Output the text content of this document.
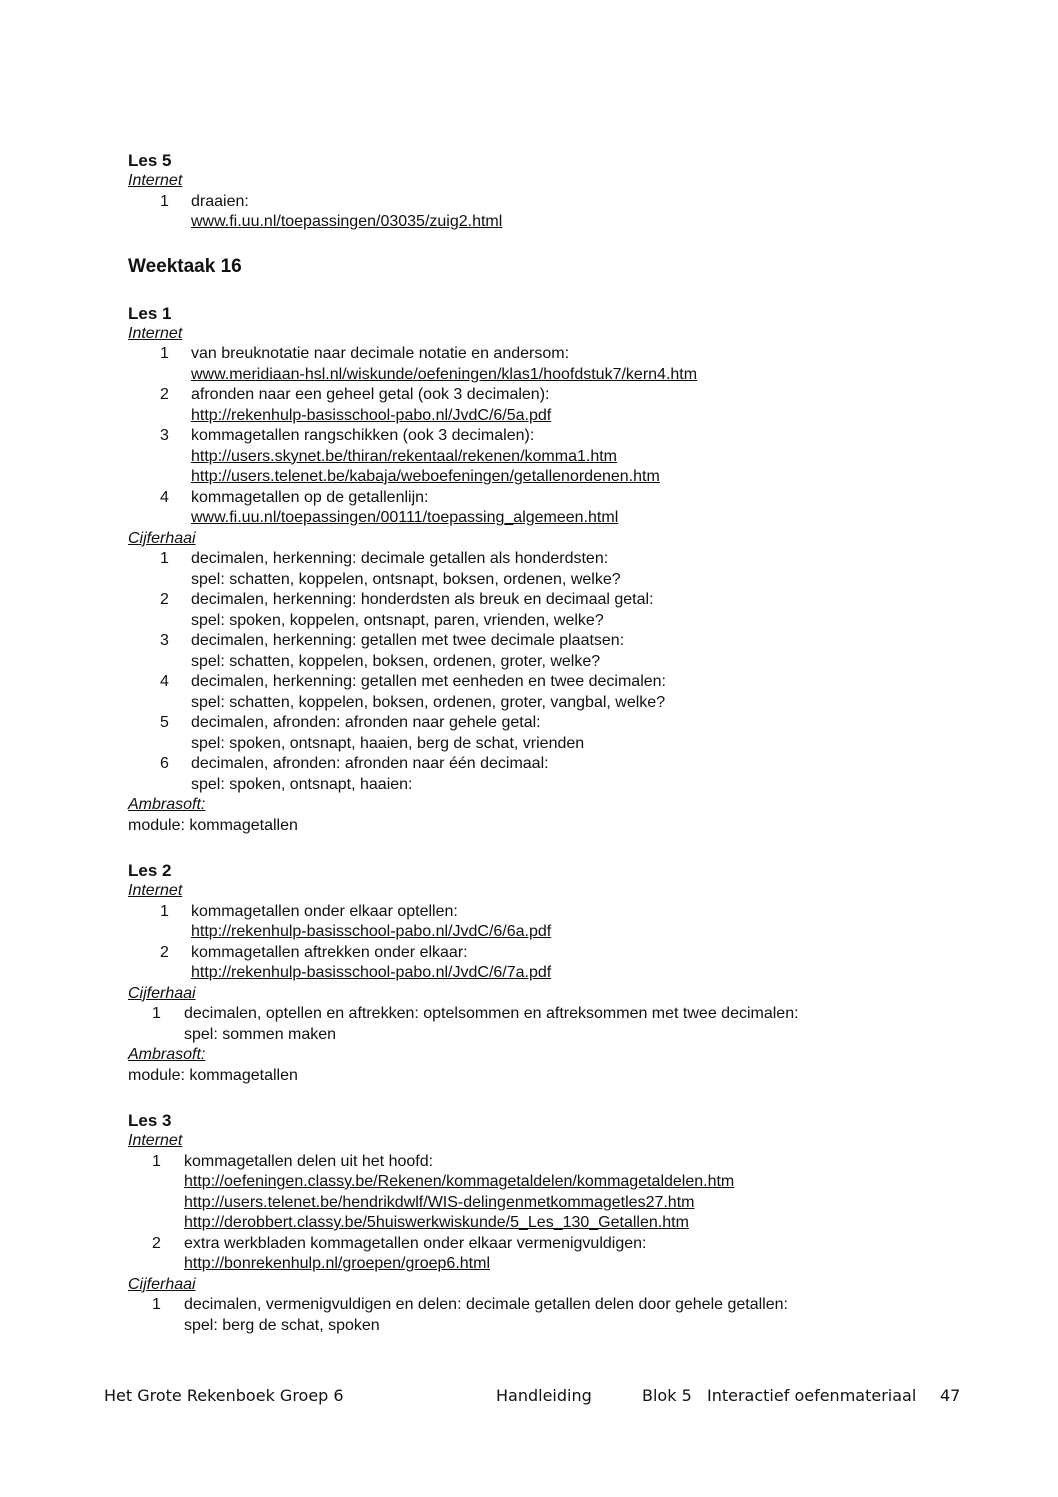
Les 5
Internet
1	draaien:
www.fi.uu.nl/toepassingen/03035/zuig2.html
Weektaak 16
Les 1
Internet
1	van breuknotatie naar decimale notatie en andersom:
www.meridiaan-hsl.nl/wiskunde/oefeningen/klas1/hoofdstuk7/kern4.htm
2	afronden naar een geheel getal (ook 3 decimalen):
http://rekenhulp-basisschool-pabo.nl/JvdC/6/5a.pdf
3	kommagetallen rangschikken (ook 3 decimalen):
http://users.skynet.be/thiran/rekentaal/rekenen/komma1.htm
http://users.telenet.be/kabaja/weboefeningen/getallenordenen.htm
4	kommagetallen op de getallenlijn:
www.fi.uu.nl/toepassingen/00111/toepassing_algemeen.html
Cijferhaai
1	decimalen, herkenning: decimale getallen als honderdsten:
spel: schatten, koppelen, ontsnapt, boksen, ordenen, welke?
2	decimalen, herkenning: honderdsten als breuk en decimaal getal:
spel: spoken, koppelen, ontsnapt, paren, vrienden, welke?
3	decimalen, herkenning: getallen met twee decimale plaatsen:
spel: schatten, koppelen, boksen, ordenen, groter, welke?
4	decimalen, herkenning: getallen met eenheden en twee decimalen:
spel: schatten, koppelen, boksen, ordenen, groter, vangbal, welke?
5	decimalen, afronden: afronden naar gehele getal:
spel: spoken, ontsnapt, haaien, berg de schat, vrienden
6	decimalen, afronden: afronden naar één decimaal:
spel: spoken, ontsnapt, haaien:
Ambrasoft:
module: kommagetallen
Les 2
Internet
1	kommagetallen onder elkaar optellen:
http://rekenhulp-basisschool-pabo.nl/JvdC/6/6a.pdf
2	kommagetallen aftrekken onder elkaar:
http://rekenhulp-basisschool-pabo.nl/JvdC/6/7a.pdf
Cijferhaai
1	decimalen, optellen en aftrekken: optelsommen en aftreksommen met twee decimalen:
spel: sommen maken
Ambrasoft:
module: kommagetallen
Les 3
Internet
1	kommagetallen delen uit het hoofd:
http://oefeningen.classy.be/Rekenen/kommagetaldelen/kommagetaldelen.htm
http://users.telenet.be/hendrikdwlf/WIS-delingenmetkommagetles27.htm
http://derobbert.classy.be/5huiswerkwiskunde/5_Les_130_Getallen.htm
2	extra werkbladen kommagetallen onder elkaar vermenigvuldigen:
http://bonrekenhulp.nl/groepen/groep6.html
Cijferhaai
1	decimalen, vermenigvuldigen en delen: decimale getallen delen door gehele getallen:
spel: berg de schat, spoken
Het Grote Rekenboek Groep 6	Handleiding	Blok 5   Interactief oefenmateriaal 47
